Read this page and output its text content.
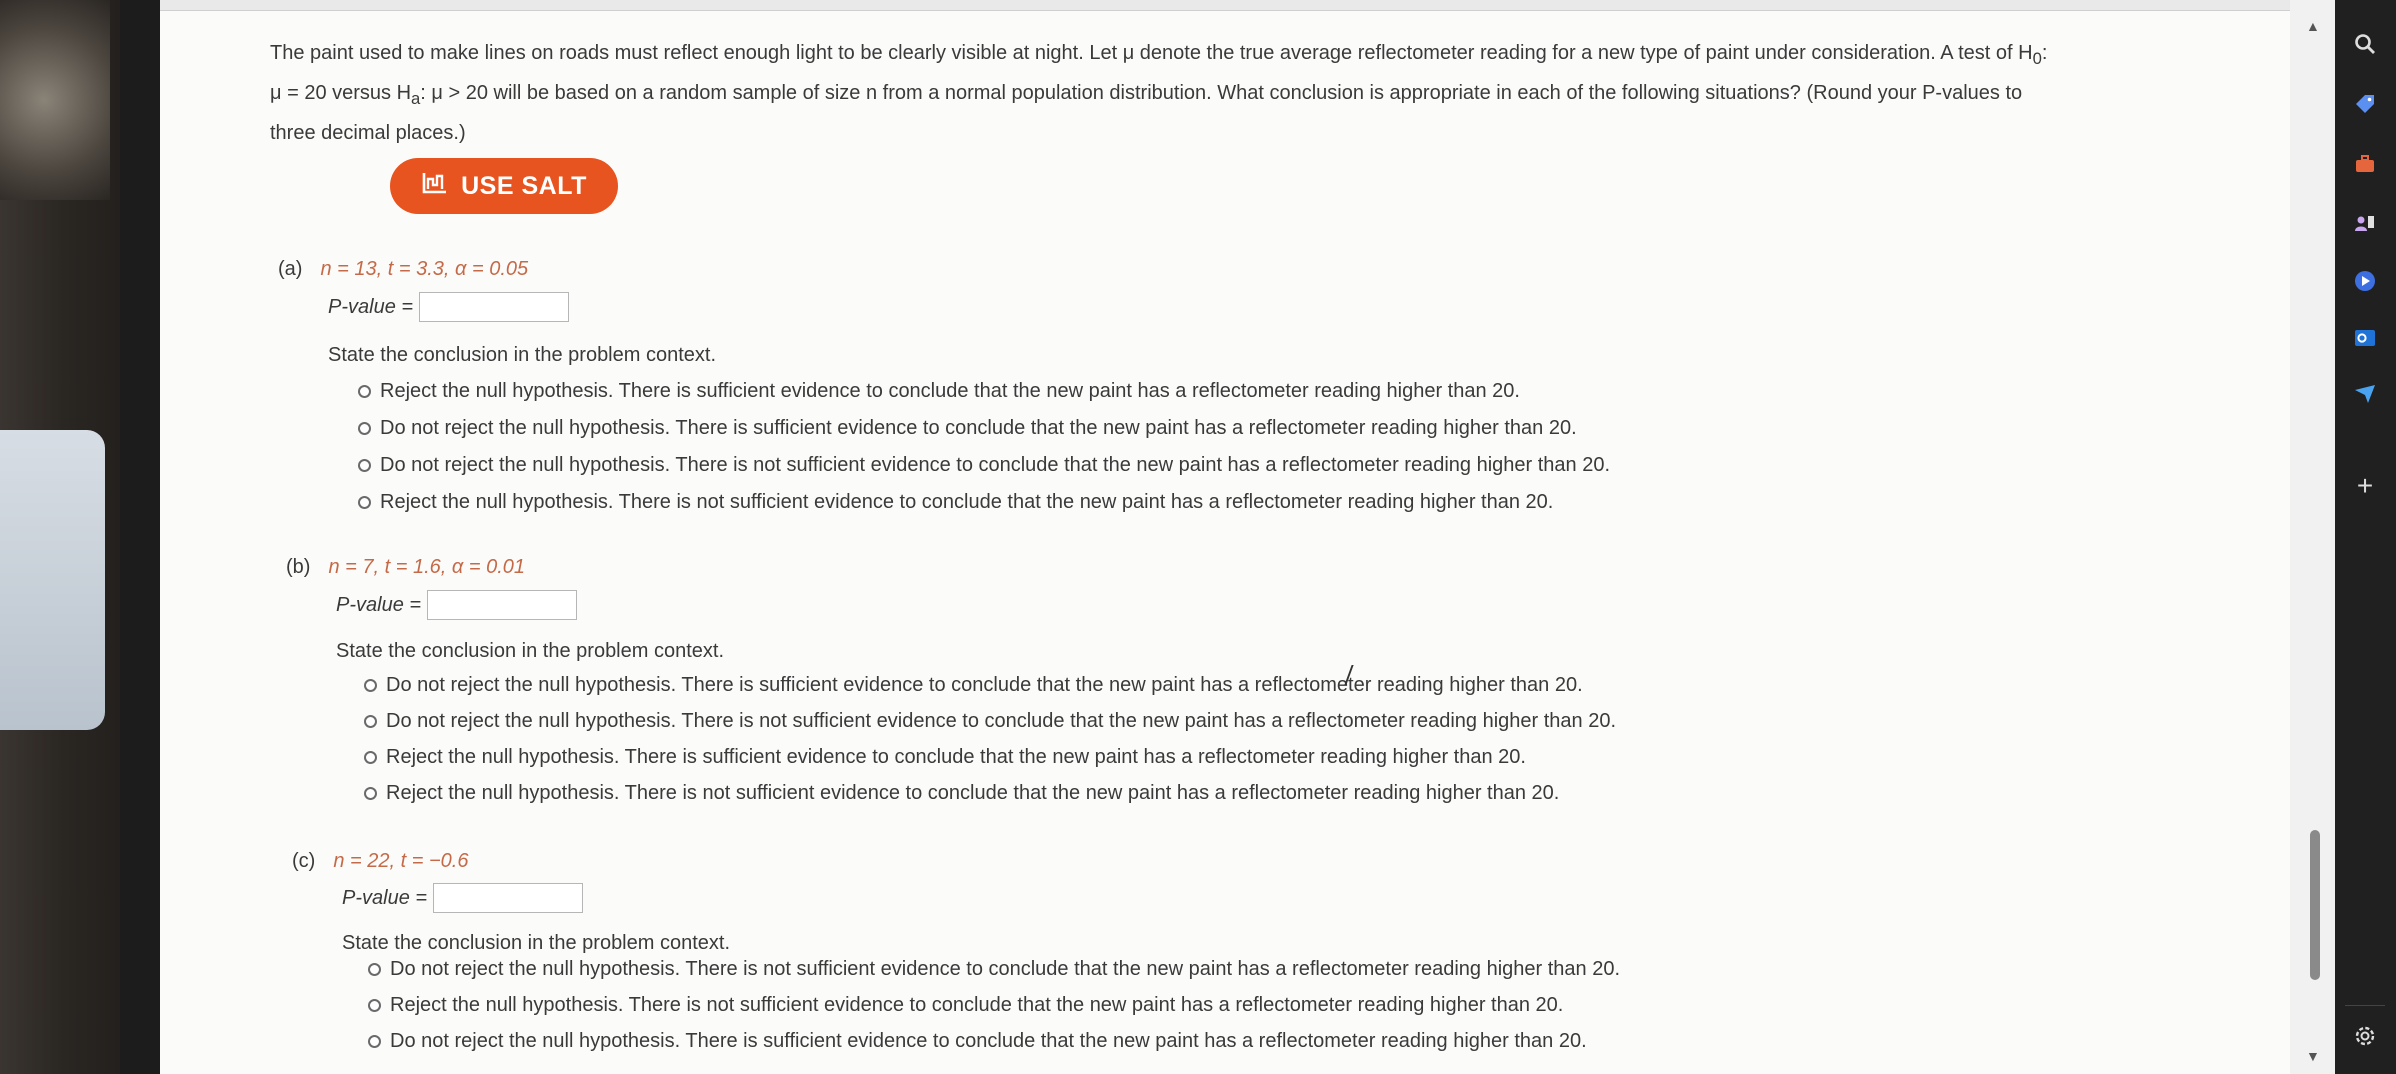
The paint used to make lines on roads must reflect enough light to be clearly visible at night. Let μ denote the true average reflectometer reading for a new type of paint under consideration. A test of $H_0$:
μ = 20 versus $H_a$: μ > 20 will be based on a random sample of size n from a normal population distribution. What conclusion is appropriate in each of the following situations? (Round your P-values to
three decimal places.)
USE SALT
(a) n = 13, t = 3.3, α = 0.05
P-value =
State the conclusion in the problem context.
Reject the null hypothesis. There is sufficient evidence to conclude that the new paint has a reflectometer reading higher than 20.
Do not reject the null hypothesis. There is sufficient evidence to conclude that the new paint has a reflectometer reading higher than 20.
Do not reject the null hypothesis. There is not sufficient evidence to conclude that the new paint has a reflectometer reading higher than 20.
Reject the null hypothesis. There is not sufficient evidence to conclude that the new paint has a reflectometer reading higher than 20.
(b) n = 7, t = 1.6, α = 0.01
P-value =
State the conclusion in the problem context.
Do not reject the null hypothesis. There is sufficient evidence to conclude that the new paint has a reflectometer reading higher than 20.
Do not reject the null hypothesis. There is not sufficient evidence to conclude that the new paint has a reflectometer reading higher than 20.
Reject the null hypothesis. There is sufficient evidence to conclude that the new paint has a reflectometer reading higher than 20.
Reject the null hypothesis. There is not sufficient evidence to conclude that the new paint has a reflectometer reading higher than 20.
(c) n = 22, t = −0.6
P-value =
State the conclusion in the problem context.
Do not reject the null hypothesis. There is not sufficient evidence to conclude that the new paint has a reflectometer reading higher than 20.
Reject the null hypothesis. There is not sufficient evidence to conclude that the new paint has a reflectometer reading higher than 20.
Do not reject the null hypothesis. There is sufficient evidence to conclude that the new paint has a reflectometer reading higher than 20.
▲
▼
+
